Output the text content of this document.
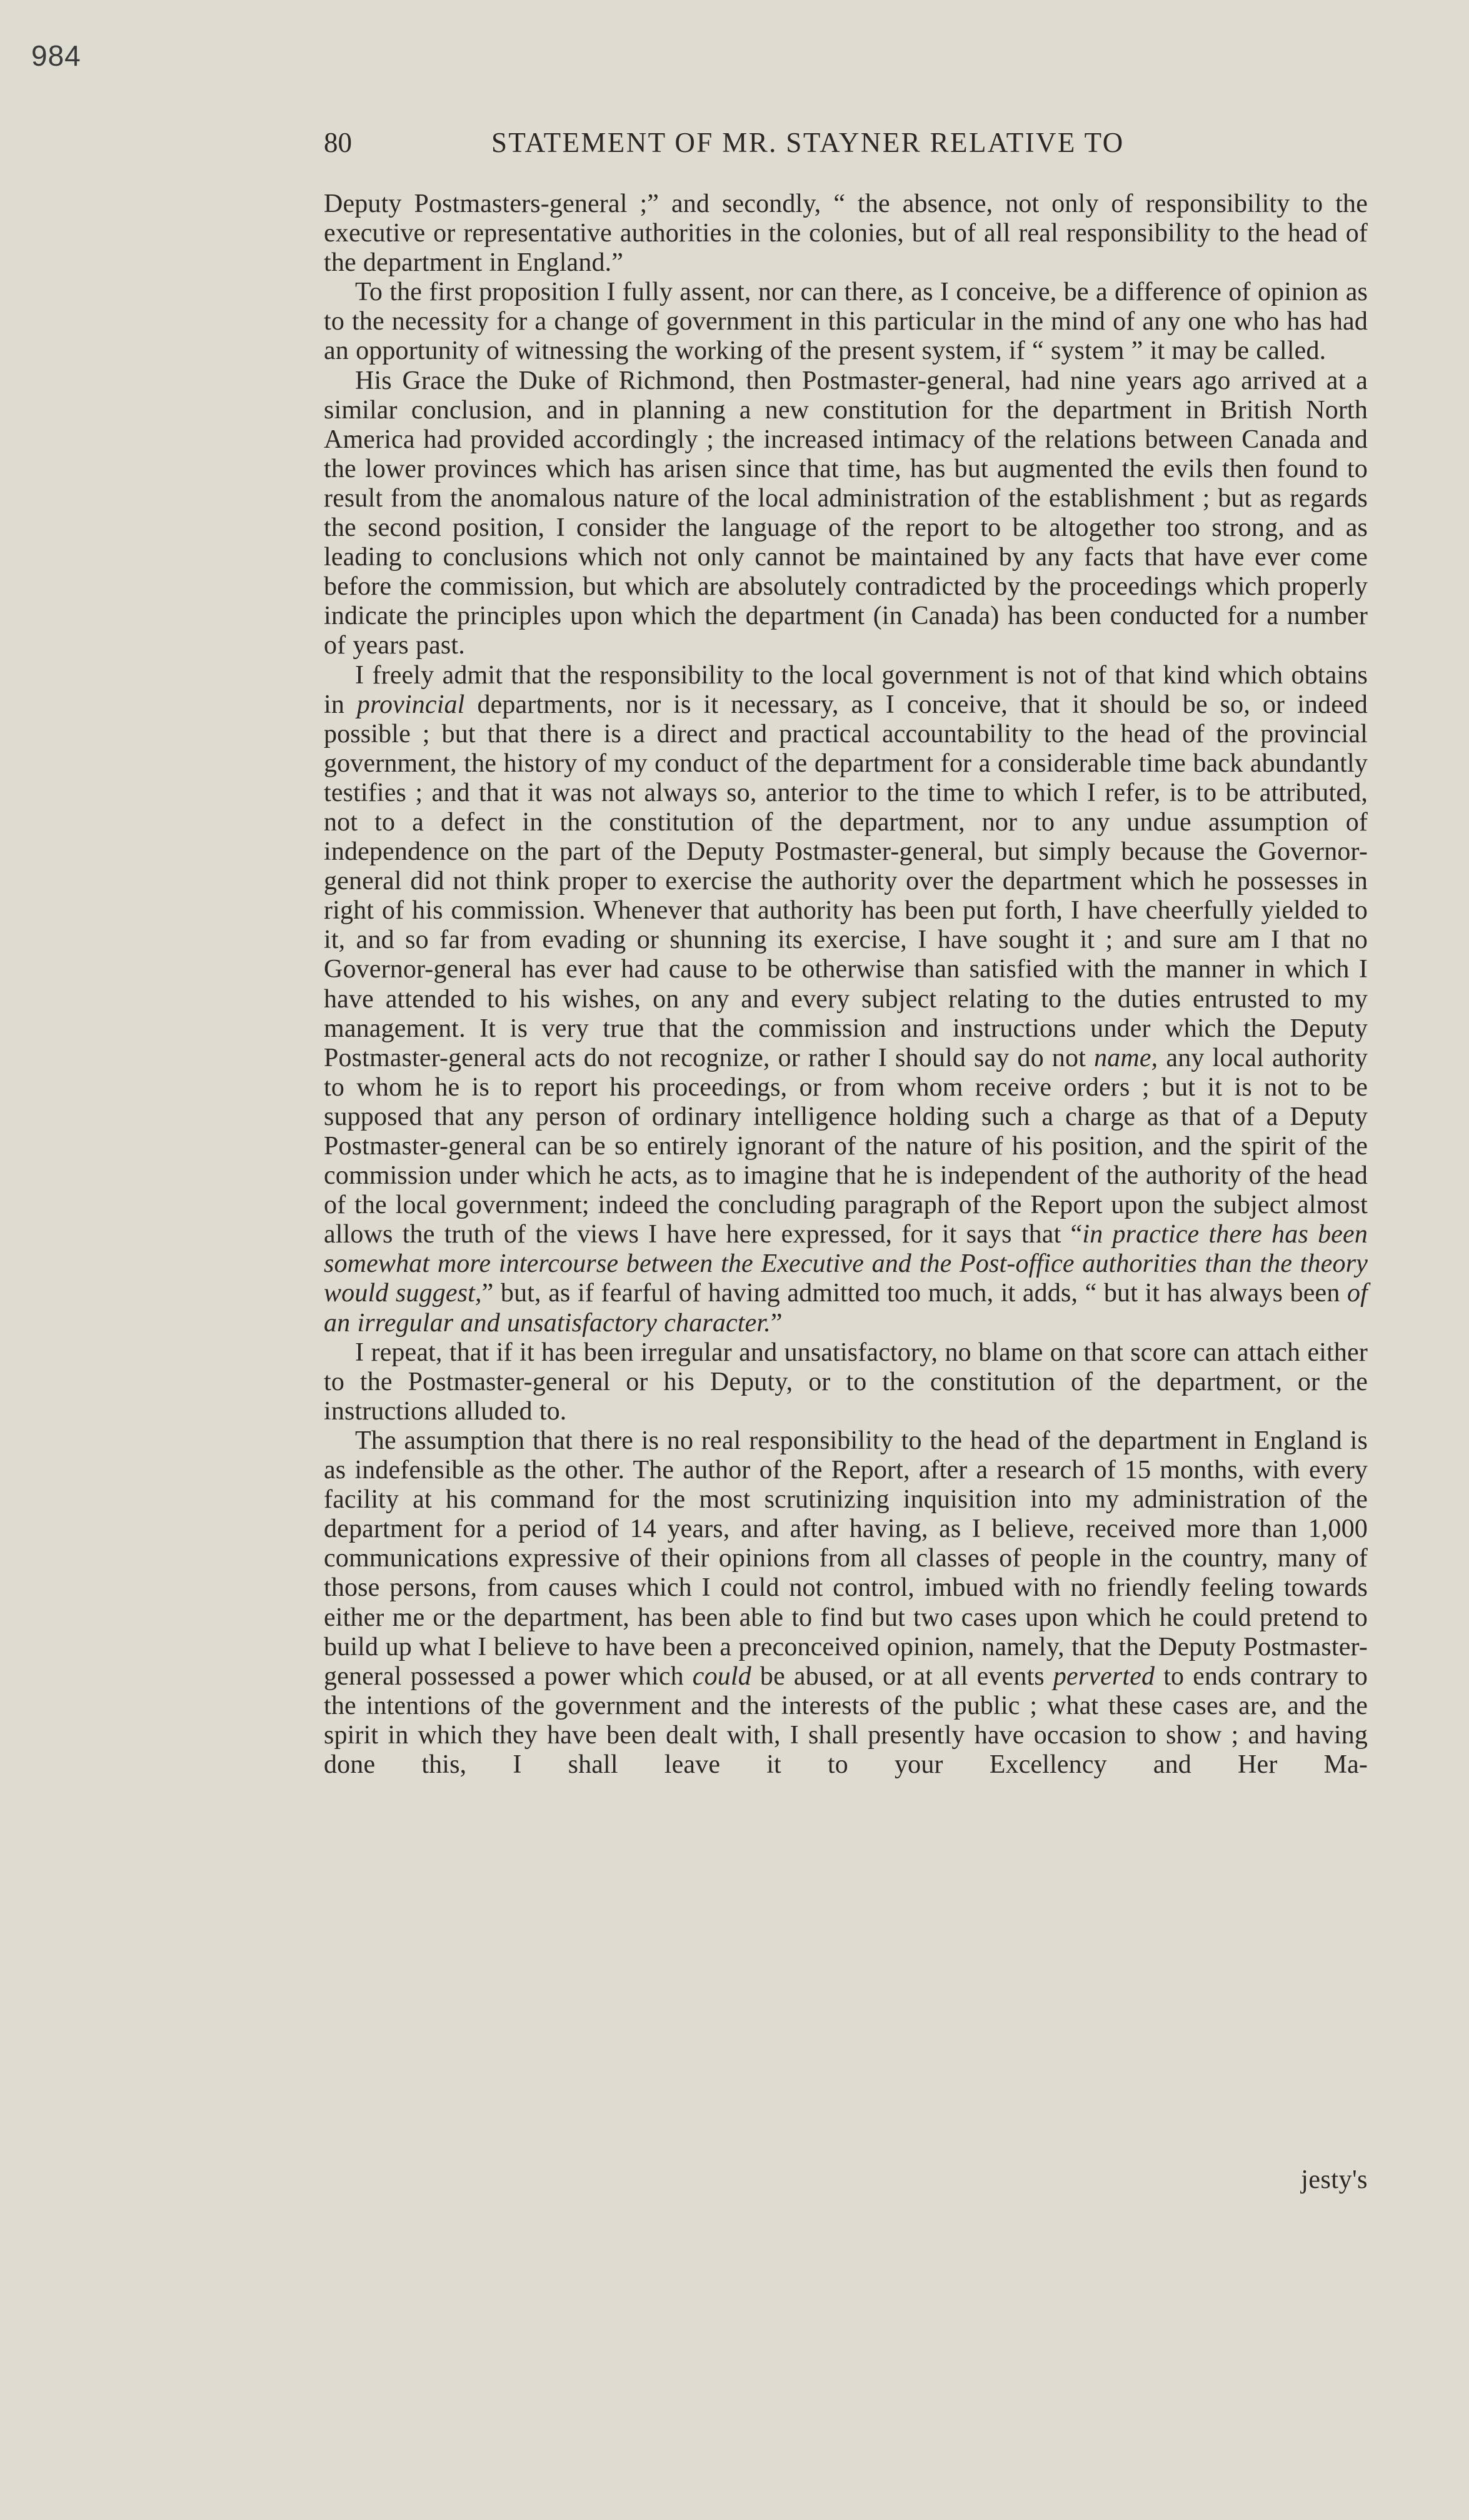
984
80	STATEMENT OF MR. STAYNER RELATIVE TO

Deputy Postmasters-general ;” and secondly, “ the absence, not only of responsibility to the executive or representative authorities in the colonies, but of all real responsibility to the head of the department in England.”

To the first proposition I fully assent, nor can there, as I conceive, be a difference of opinion as to the necessity for a change of government in this particular in the mind of any one who has had an opportunity of witnessing the working of the present system, if “ system ” it may be called.

His Grace the Duke of Richmond, then Postmaster-general, had nine years ago arrived at a similar conclusion, and in planning a new constitution for the department in British North America had provided accordingly ; the increased intimacy of the relations between Canada and the lower provinces which has arisen since that time, has but augmented the evils then found to result from the anomalous nature of the local administration of the establishment ; but as regards the second position, I consider the language of the report to be altogether too strong, and as leading to conclusions which not only cannot be maintained by any facts that have ever come before the commission, but which are absolutely contradicted by the proceedings which properly indicate the principles upon which the department (in Canada) has been conducted for a number of years past.

I freely admit that the responsibility to the local government is not of that kind which obtains in provincial departments, nor is it necessary, as I conceive, that it should be so, or indeed possible ; but that there is a direct and practical accountability to the head of the provincial government, the history of my conduct of the department for a considerable time back abundantly testifies ; and that it was not always so, anterior to the time to which I refer, is to be attributed, not to a defect in the constitution of the department, nor to any undue assumption of independence on the part of the Deputy Postmaster-general, but simply because the Governor-general did not think proper to exercise the authority over the department which he possesses in right of his commission. Whenever that authority has been put forth, I have cheerfully yielded to it, and so far from evading or shunning its exercise, I have sought it ; and sure am I that no Governor-general has ever had cause to be otherwise than satisfied with the manner in which I have attended to his wishes, on any and every subject relating to the duties entrusted to my management. It is very true that the commission and instructions under which the Deputy Postmaster-general acts do not recognize, or rather I should say do not name, any local authority to whom he is to report his proceedings, or from whom receive orders ; but it is not to be supposed that any person of ordinary intelligence holding such a charge as that of a Deputy Postmaster-general can be so entirely ignorant of the nature of his position, and the spirit of the commission under which he acts, as to imagine that he is independent of the authority of the head of the local government; indeed the concluding paragraph of the Report upon the subject almost allows the truth of the views I have here expressed, for it says that “in practice there has been somewhat more intercourse between the Executive and the Post-office authorities than the theory would suggest,” but, as if fearful of having admitted too much, it adds, “ but it has always been of an irregular and unsatisfactory character.”

I repeat, that if it has been irregular and unsatisfactory, no blame on that score can attach either to the Postmaster-general or his Deputy, or to the constitution of the department, or the instructions alluded to.

The assumption that there is no real responsibility to the head of the department in England is as indefensible as the other. The author of the Report, after a research of 15 months, with every facility at his command for the most scrutinizing inquisition into my administration of the department for a period of 14 years, and after having, as I believe, received more than 1,000 communications expressive of their opinions from all classes of people in the country, many of those persons, from causes which I could not control, imbued with no friendly feeling towards either me or the department, has been able to find but two cases upon which he could pretend to build up what I believe to have been a preconceived opinion, namely, that the Deputy Postmaster-general possessed a power which could be abused, or at all events perverted to ends contrary to the intentions of the government and the interests of the public ; what these cases are, and the spirit in which they have been dealt with, I shall presently have occasion to show ; and having done this, I shall leave it to your Excellency and Her Ma-

jesty's
